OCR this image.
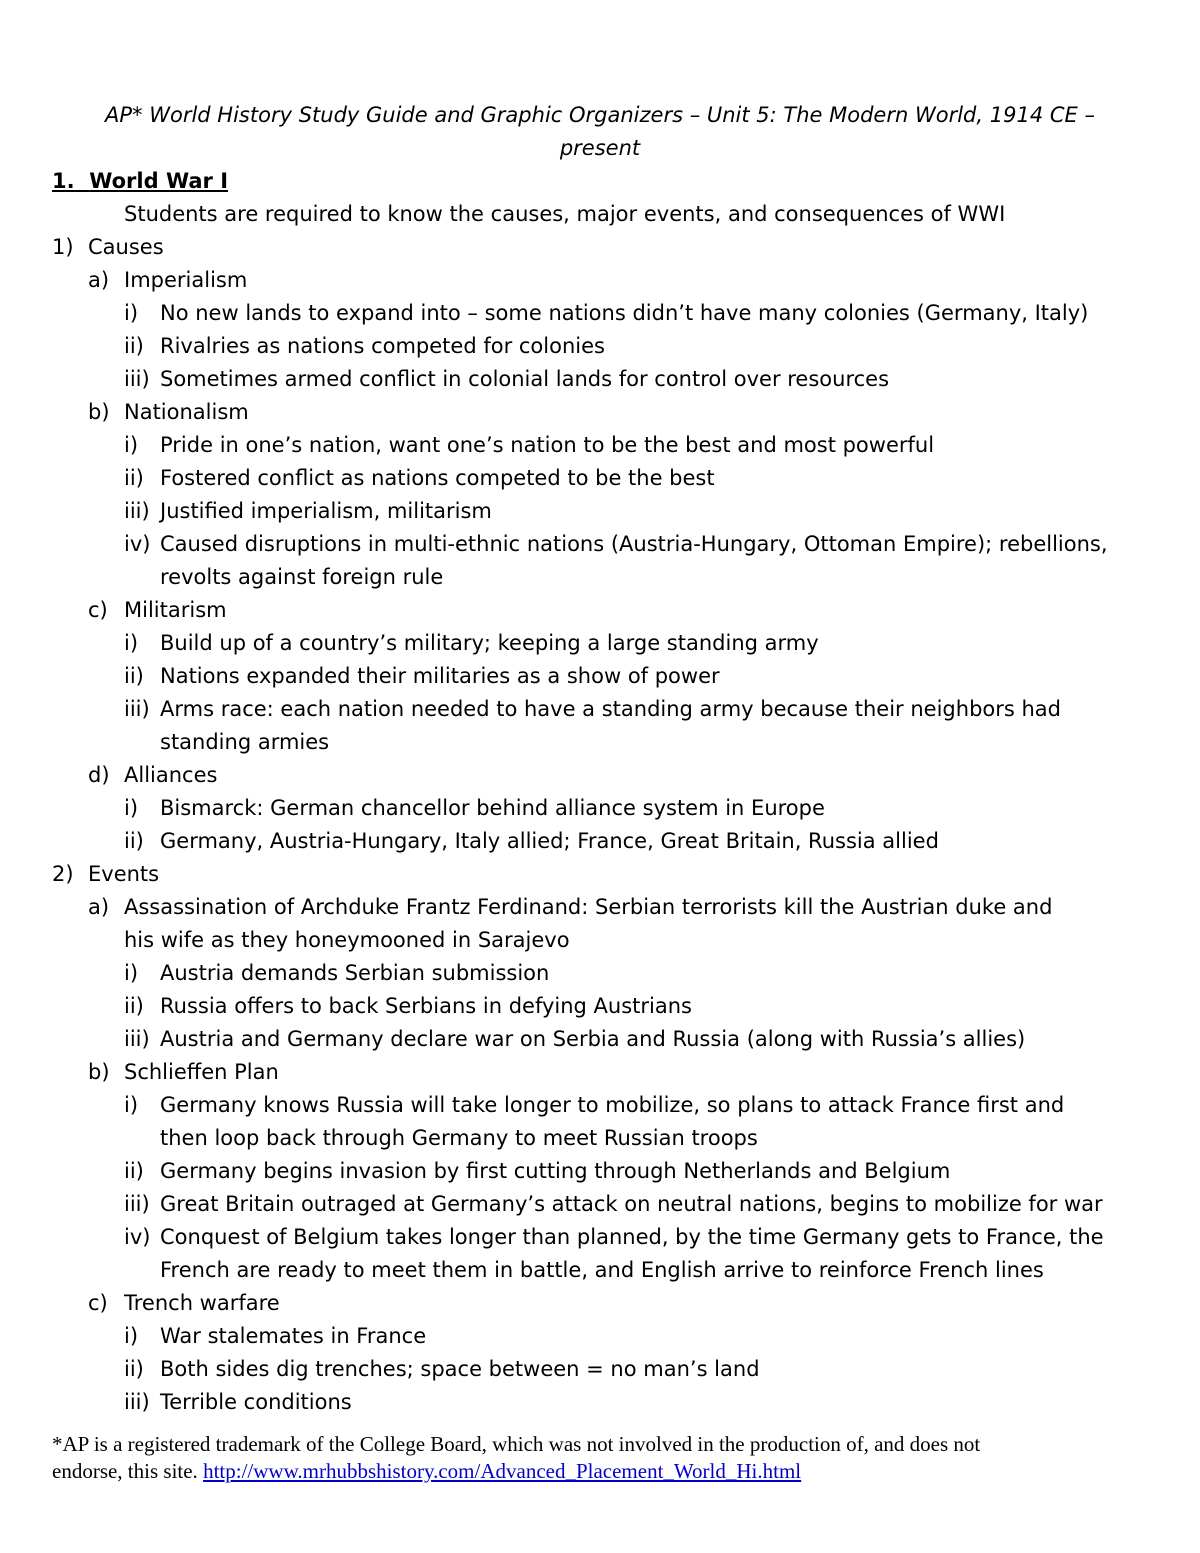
AP* World History Study Guide and Graphic Organizers – Unit 5: The Modern World, 1914 CE –
present
1. World War I
Students are required to know the causes, major events, and consequences of WWI
1) Causes
a) Imperialism
i) No new lands to expand into – some nations didn’t have many colonies (Germany, Italy)
ii) Rivalries as nations competed for colonies
iii) Sometimes armed conflict in colonial lands for control over resources
b) Nationalism
i) Pride in one’s nation, want one’s nation to be the best and most powerful
ii) Fostered conflict as nations competed to be the best
iii) Justified imperialism, militarism
iv) Caused disruptions in multi-ethnic nations (Austria-Hungary, Ottoman Empire); rebellions,
revolts against foreign rule
c) Militarism
i) Build up of a country’s military; keeping a large standing army
ii) Nations expanded their militaries as a show of power
iii) Arms race: each nation needed to have a standing army because their neighbors had
standing armies
d) Alliances
i) Bismarck: German chancellor behind alliance system in Europe
ii) Germany, Austria-Hungary, Italy allied; France, Great Britain, Russia allied
2) Events
a) Assassination of Archduke Frantz Ferdinand: Serbian terrorists kill the Austrian duke and
his wife as they honeymooned in Sarajevo
i) Austria demands Serbian submission
ii) Russia offers to back Serbians in defying Austrians
iii) Austria and Germany declare war on Serbia and Russia (along with Russia’s allies)
b) Schlieffen Plan
i) Germany knows Russia will take longer to mobilize, so plans to attack France first and
then loop back through Germany to meet Russian troops
ii) Germany begins invasion by first cutting through Netherlands and Belgium
iii) Great Britain outraged at Germany’s attack on neutral nations, begins to mobilize for war
iv) Conquest of Belgium takes longer than planned, by the time Germany gets to France, the
French are ready to meet them in battle, and English arrive to reinforce French lines
c) Trench warfare
i) War stalemates in France
ii) Both sides dig trenches; space between = no man’s land
iii) Terrible conditions
*AP is a registered trademark of the College Board, which was not involved in the production of, and does not
endorse, this site. http://www.mrhubbshistory.com/Advanced_Placement_World_Hi.html
